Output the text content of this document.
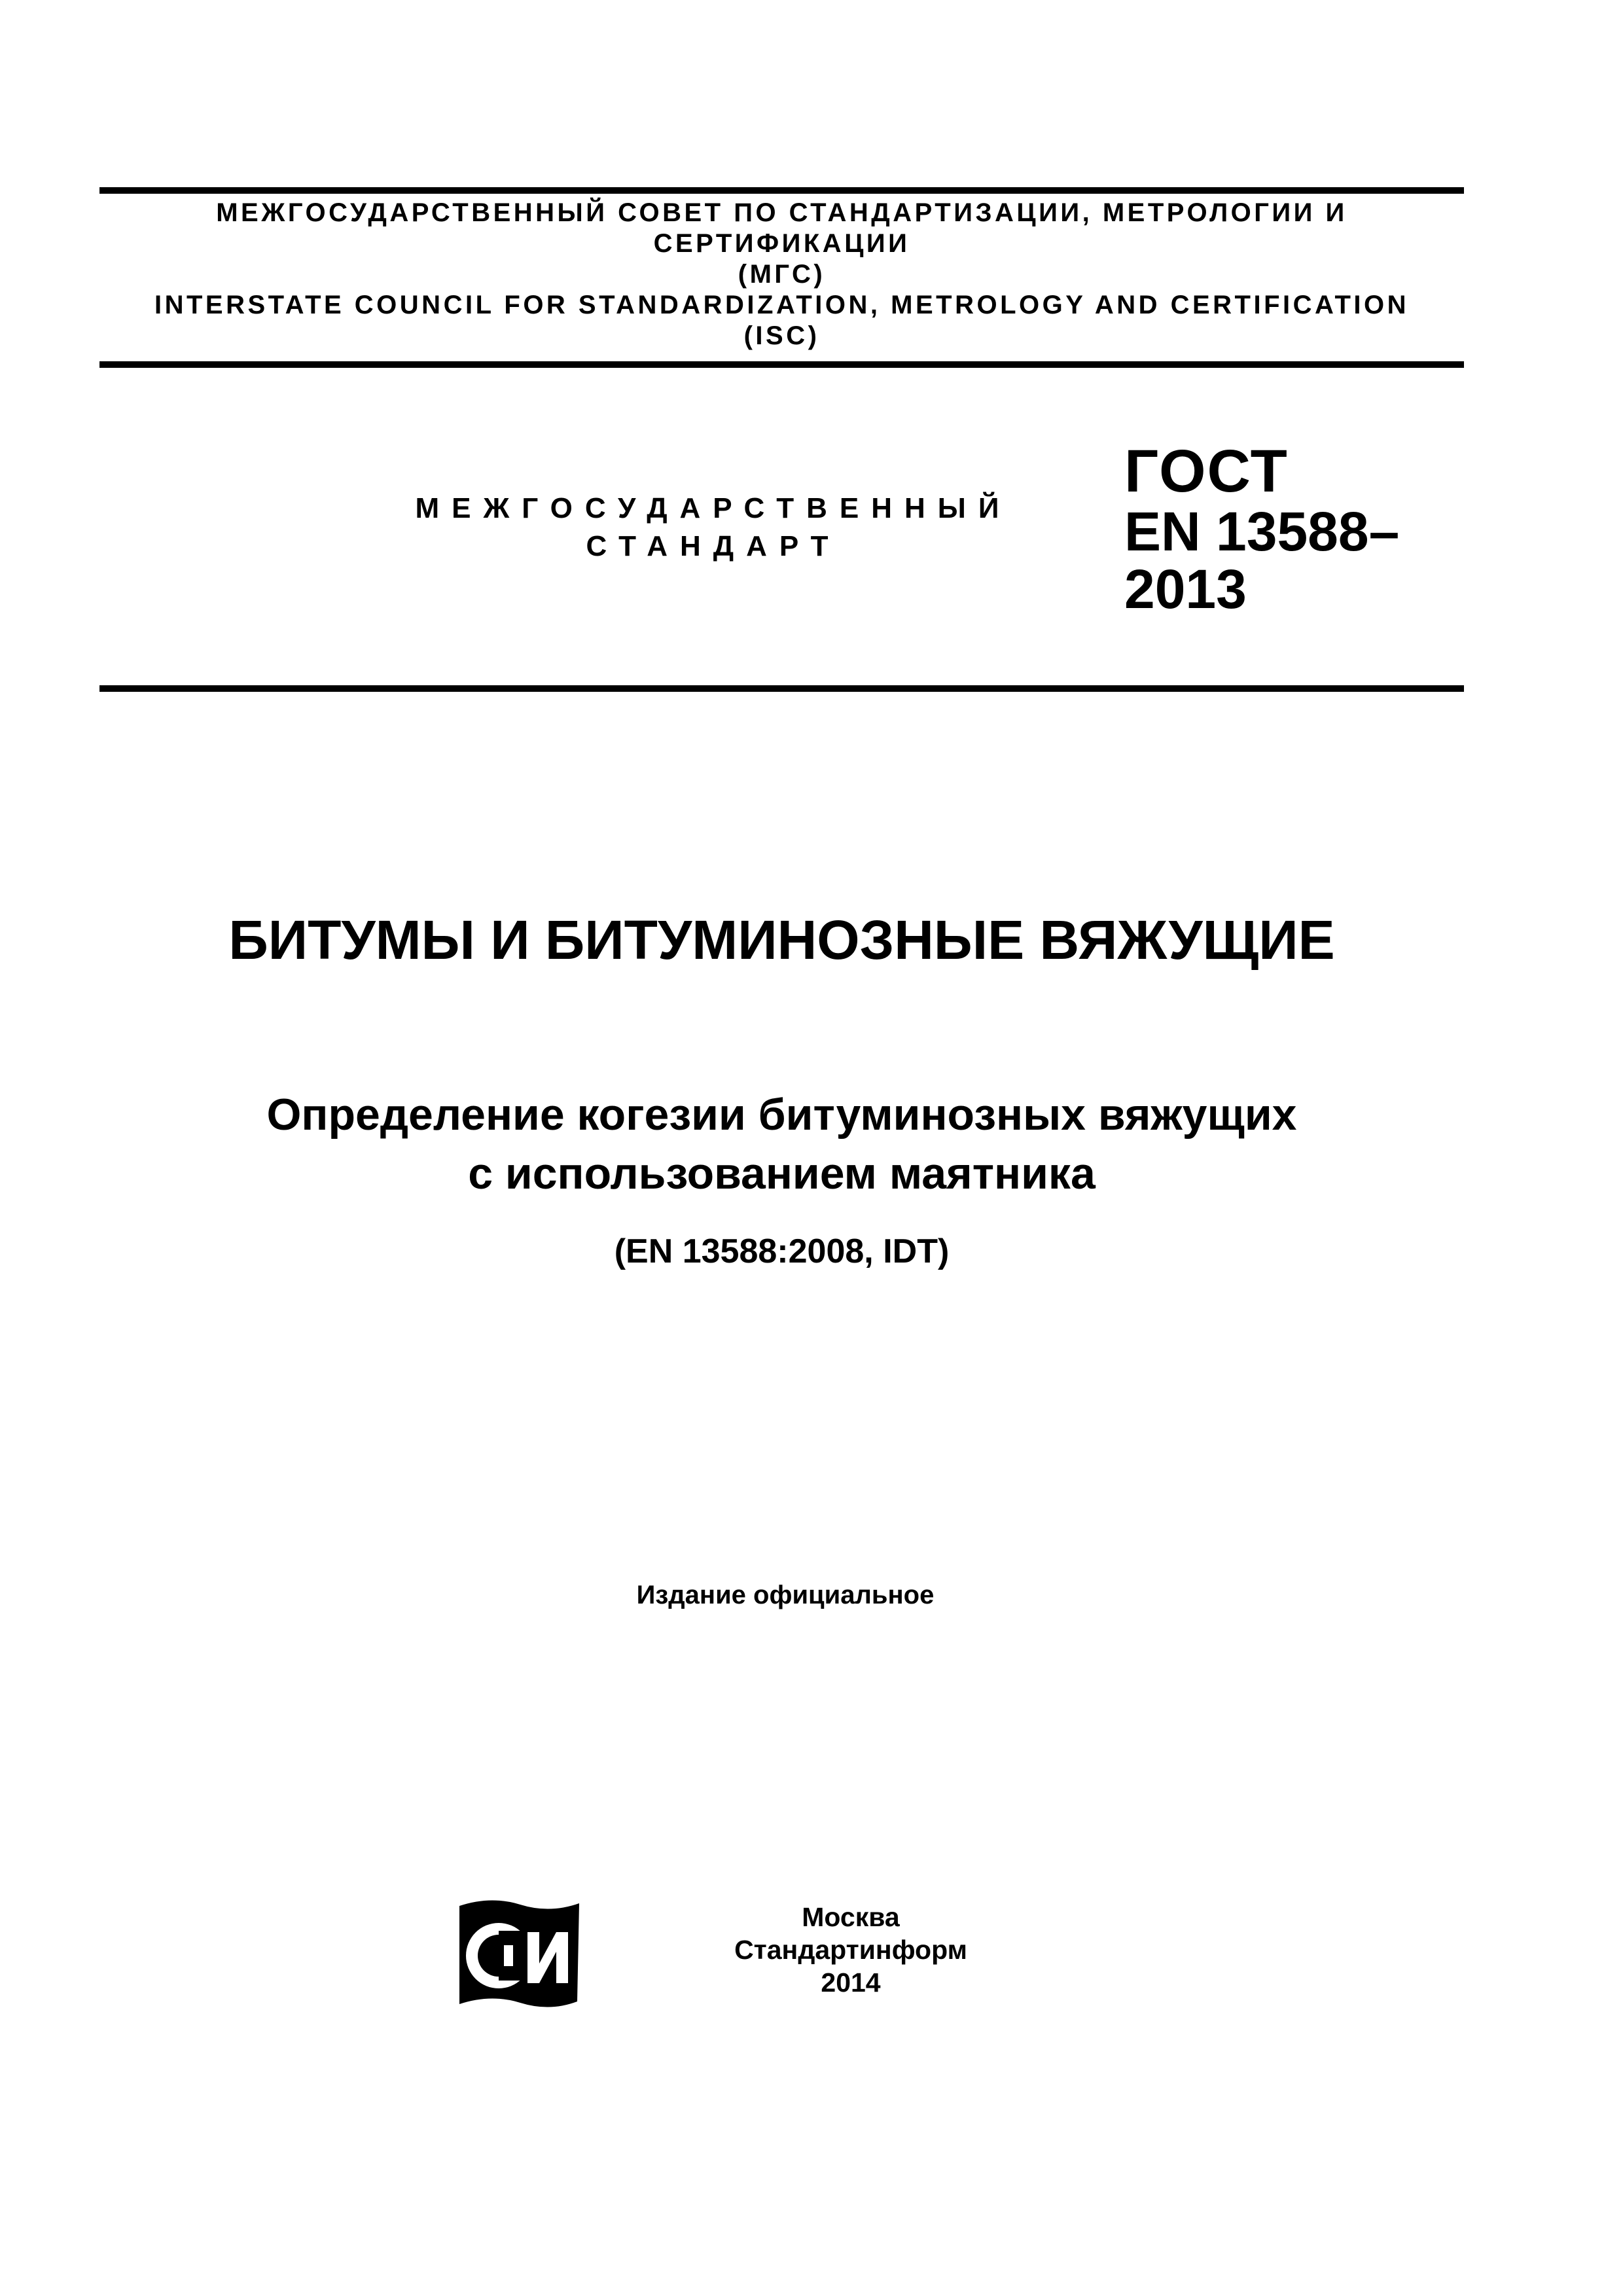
МЕЖГОСУДАРСТВЕННЫЙ СОВЕТ ПО СТАНДАРТИЗАЦИИ, МЕТРОЛОГИИ И
СЕРТИФИКАЦИИ
(МГС)
INTERSTATE COUNCIL FOR STANDARDIZATION, METROLOGY AND CERTIFICATION
(ISC)
МЕЖГОСУДАРСТВЕННЫЙ
СТАНДАРТ
ГОСТ
EN 13588–
2013
БИТУМЫ И БИТУМИНОЗНЫЕ ВЯЖУЩИЕ
Определение когезии битуминозных вяжущих
с использованием маятника
(EN 13588:2008, IDT)
Издание официальное
Москва
Стандартинформ
2014
